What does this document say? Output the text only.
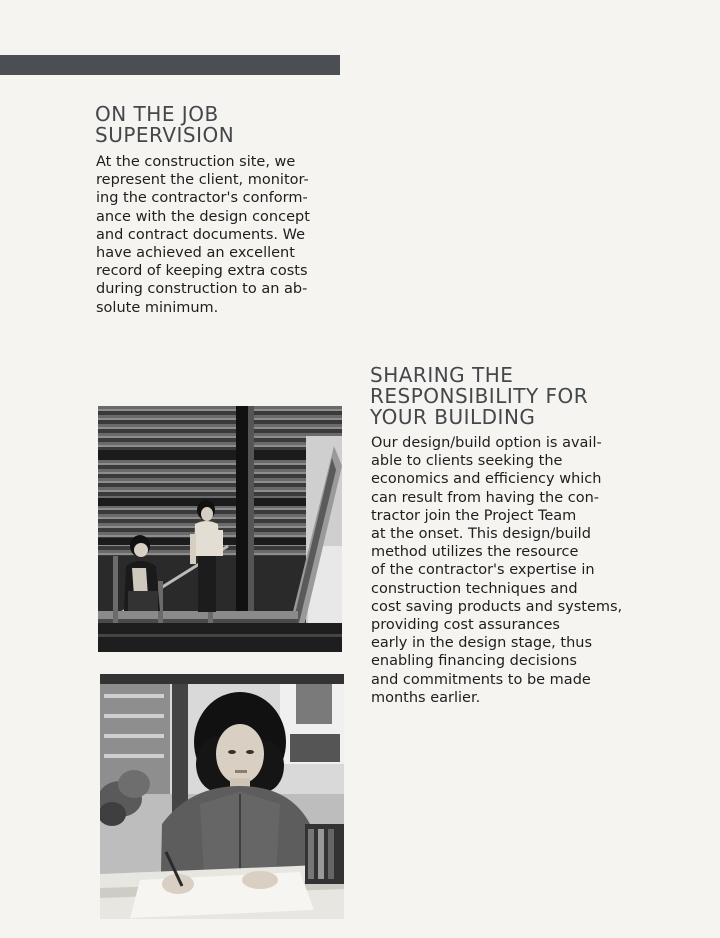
ON THE JOB
SUPERVISION

At the construction site, we
represent the client, monitor-
ing the contractor's conform-
ance with the design concept
and contract documents. We
have achieved an excellent
record of keeping extra costs
during construction to an ab-
solute minimum.

SHARING THE
RESPONSIBILITY FOR
YOUR BUILDING

Our design/build option is avail-
able to clients seeking the
economics and efficiency which
can result from having the con-
tractor join the Project Team
at the onset. This design/build
method utilizes the resource
of the contractor's expertise in
construction techniques and
cost saving products and systems,
providing cost assurances
early in the design stage, thus
enabling financing decisions
and commitments to be made
months earlier.
